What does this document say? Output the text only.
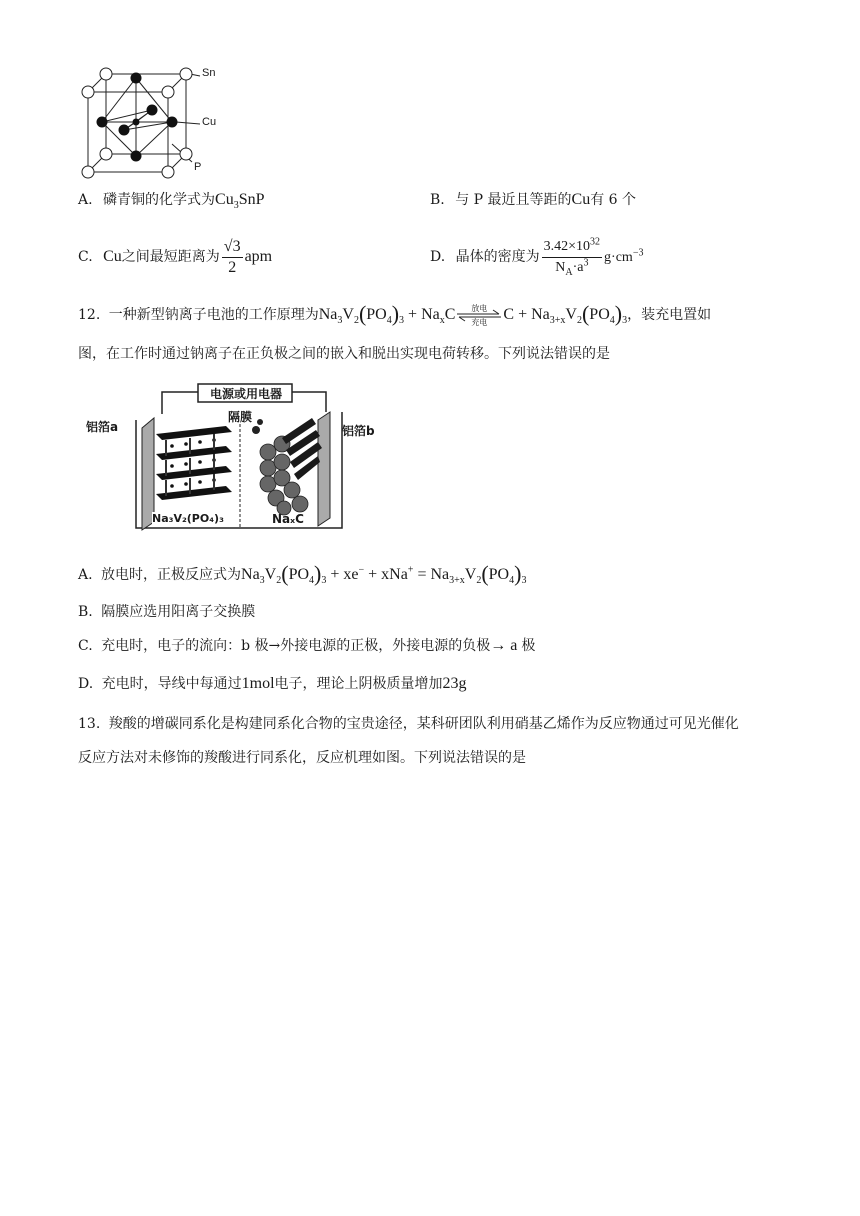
Sn
Cu
P
A. 磷青铜的化学式为$Cu_3SnP$	B. 与 P 最近且等距的Cu有 6 个
C. Cu之间最短距离为 $\frac{√3}{2}$ apm	D. 晶体的密度为 $\frac{3.42\times 10^{32}}{N_A\cdot a^3} g\cdot cm^{-3}$
12. 一种新型钠离子电池的工作原理为$Na_3V_2(PO_4)_3 + Na_xC$	放电
充电	$C + Na_{3+x}V_2(PO_4)_3$，装充电置如
图，在工作时通过钠离子在正负极之间的嵌入和脱出实现电荷转移。下列说法错误的是
电源或用电器
隔膜
铝箔a	铝箔b
Na₃V₂(PO₄)₃	NaₓC
A. 放电时，正极反应式为$Na_3V_2(PO_4)_3 + xe^- + xNa^+ = Na_{3+x}V_2(PO_4)_3$
B. 隔膜应选用阳离子交换膜
C. 充电时，电子的流向：b 极→外接电源的正极，外接电源的负极→ a 极
D. 充电时，导线中每通过1mol电子，理论上阴极质量增加23g
13. 羧酸的增碳同系化是构建同系化合物的宝贵途径，某科研团队利用硝基乙烯作为反应物通过可见光催化
反应方法对未修饰的羧酸进行同系化，反应机理如图。下列说法错误的是
